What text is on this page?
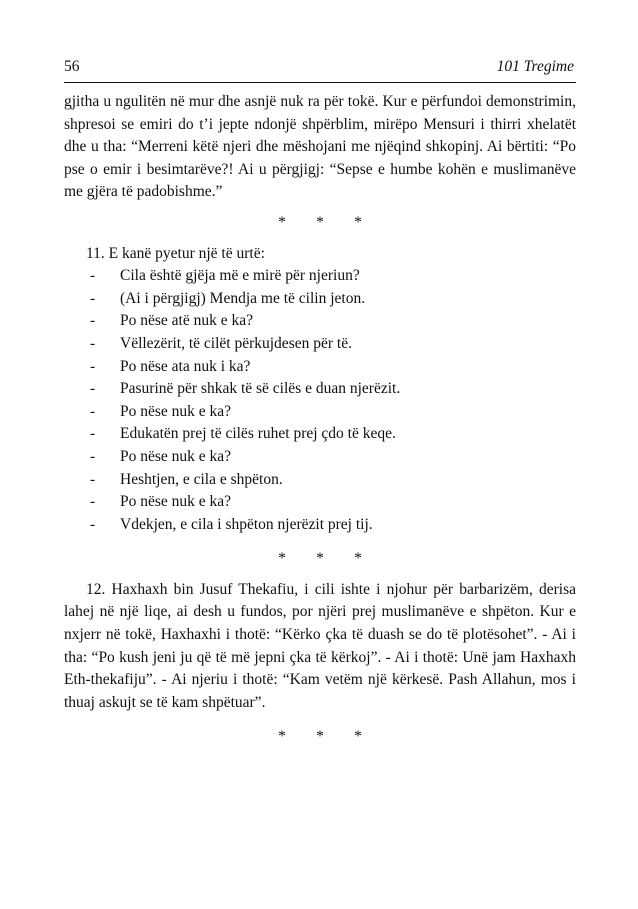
56	101 Tregime

gjitha u ngulitën në mur dhe asnjë nuk ra për tokë. Kur e përfundoi demonstrimin, shpresoi se emiri do t’i jepte ndonjë shpërblim, mirëpo Mensuri i thirri xhelatët dhe u tha: “Merreni këtë njeri dhe mëshojani me njëqind shkopinj. Ai bërtiti: “Po pse o emir i besimtarëve?! Ai u përgjigj: “Sepse e humbe kohën e muslimanëve me gjëra të padobishme.”

* * *

11. E kanë pyetur një të urtë:

- Cila është gjëja më e mirë për njeriun?
- (Ai i përgjigj) Mendja me të cilin jeton.
- Po nëse atë nuk e ka?
- Vëllezërit, të cilët përkujdesen për të.
- Po nëse ata nuk i ka?
- Pasurinë për shkak të së cilës e duan njerëzit.
- Po nëse nuk e ka?
- Edukatën prej të cilës ruhet prej çdo të keqe.
- Po nëse nuk e ka?
- Heshtjen, e cila e shpëton.
- Po nëse nuk e ka?
- Vdekjen, e cila i shpëton njerëzit prej tij.

* * *

12. Haxhaxh bin Jusuf Thekafiu, i cili ishte i njohur për barbarizëm, derisa lahej në një liqe, ai desh u fundos, por njëri prej muslimanëve e shpëton. Kur e nxjerr në tokë, Haxhaxhi i thotë: “Kërko çka të duash se do të plotësohet”. - Ai i tha: “Po kush jeni ju që të më jepni çka të kërkoj”. - Ai i thotë: Unë jam Haxhaxh Eth-thekafiju”. - Ai njeriu i thotë: “Kam vetëm një kërkesë. Pash Allahun, mos i thuaj askujt se të kam shpëtuar”.

* * *
